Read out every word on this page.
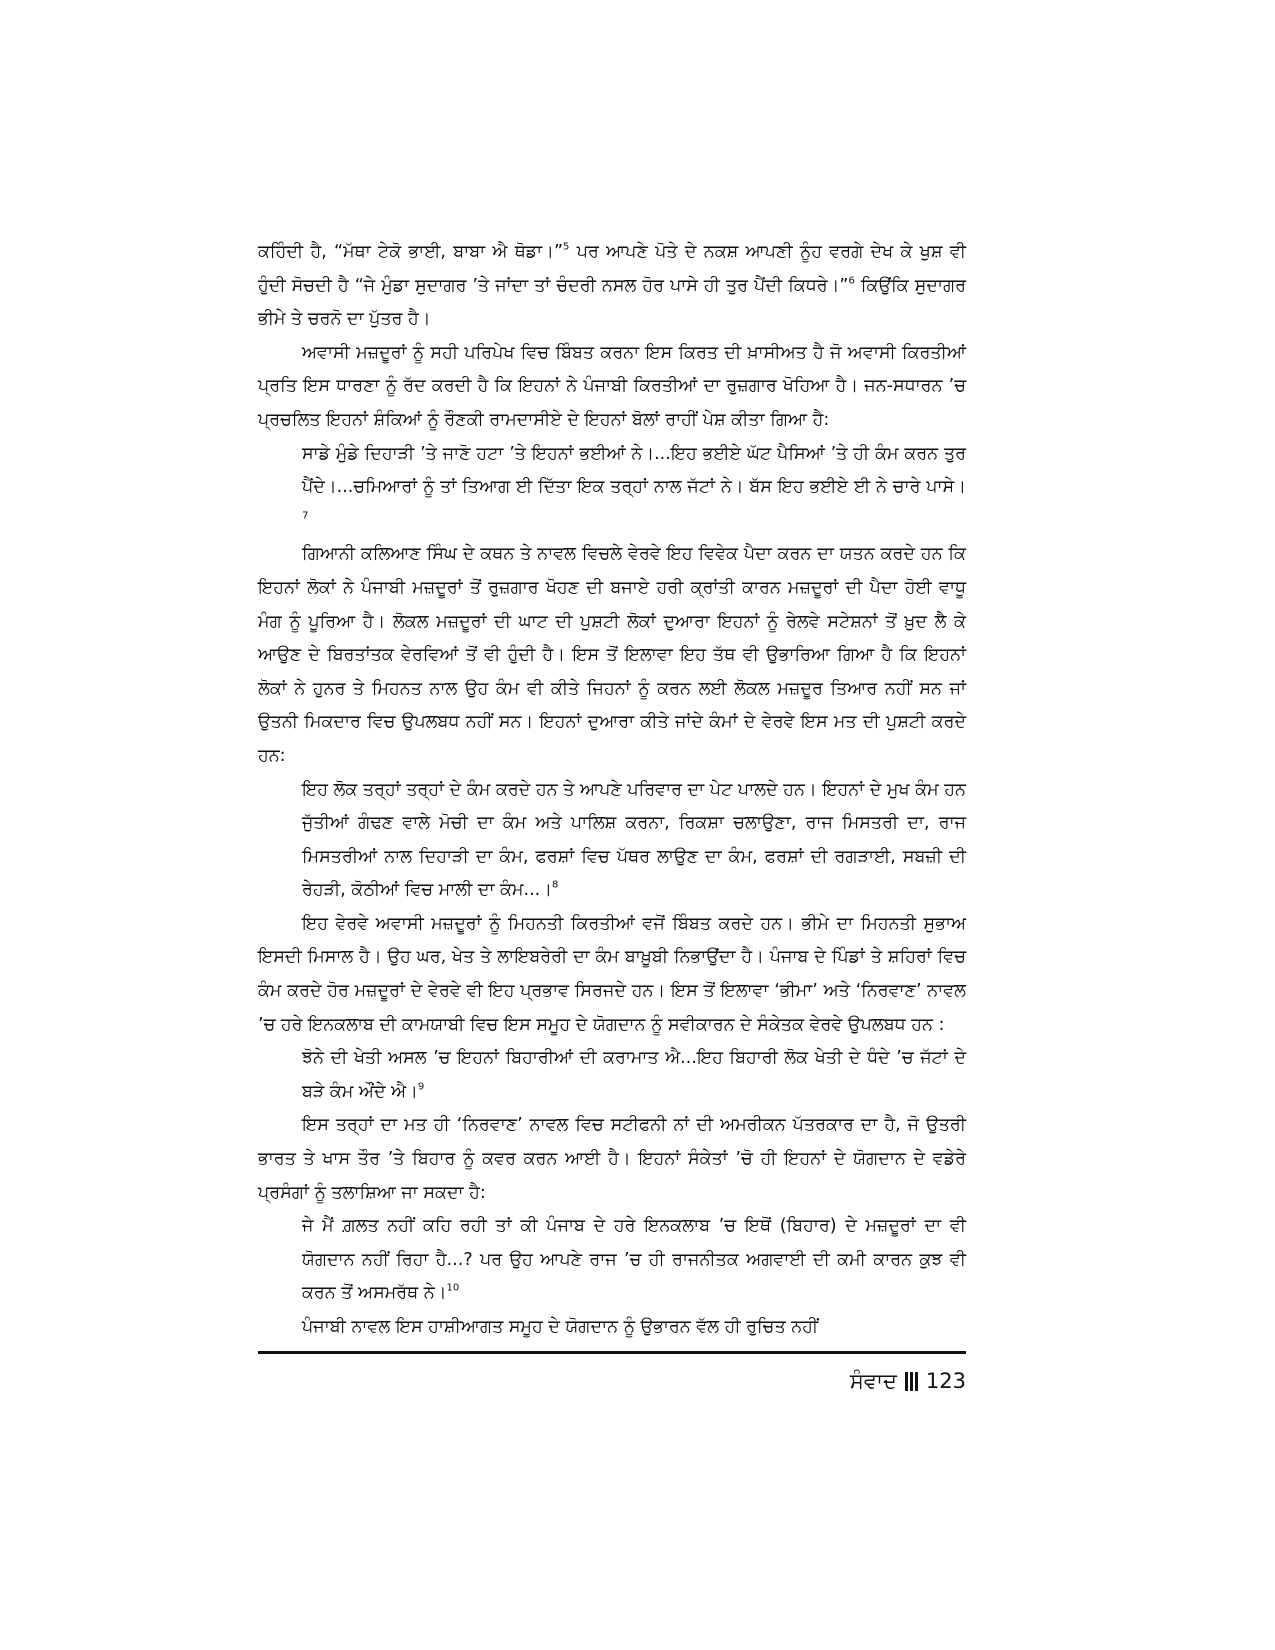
ਕਹਿੰਦੀ ਹੈ, “ਮੱਥਾ ਟੇਕੋ ਭਾਈ, ਬਾਬਾ ਐ ਥੋਡਾ।”$^5$ ਪਰ ਆਪਣੇ ਪੋਤੇ ਦੇ ਨਕਸ਼ ਆਪਣੀ ਨੂੰਹ ਵਰਗੇ ਦੇਖ ਕੇ ਖੁਸ਼ ਵੀ ਹੁੰਦੀ ਸੋਚਦੀ ਹੈ “ਜੇ ਮੁੰਡਾ ਸੁਦਾਗਰ ’ਤੇ ਜਾਂਦਾ ਤਾਂ ਚੰਦਰੀ ਨਸਲ ਹੋਰ ਪਾਸੇ ਹੀ ਤੁਰ ਪੈਂਦੀ ਕਿਧਰੇ।”$^6$ ਕਿਉਂਕਿ ਸੁਦਾਗਰ ਭੀਮੇ ਤੇ ਚਰਨੋ ਦਾ ਪੁੱਤਰ ਹੈ।

ਅਵਾਸੀ ਮਜ਼ਦੂਰਾਂ ਨੂੰ ਸਹੀ ਪਰਿਪੇਖ ਵਿਚ ਬਿੰਬਤ ਕਰਨਾ ਇਸ ਕਿਰਤ ਦੀ ਖ਼ਾਸੀਅਤ ਹੈ ਜੋ ਅਵਾਸੀ ਕਿਰਤੀਆਂ ਪ੍ਰਤਿ ਇਸ ਧਾਰਣਾ ਨੂੰ ਰੱਦ ਕਰਦੀ ਹੈ ਕਿ ਇਹਨਾਂ ਨੇ ਪੰਜਾਬੀ ਕਿਰਤੀਆਂ ਦਾ ਰੁਜ਼ਗਾਰ ਖੋਹਿਆ ਹੈ। ਜਨ-ਸਧਾਰਨ ’ਚ ਪ੍ਰਚਲਿਤ ਇਹਨਾਂ ਸ਼ੰਕਿਆਂ ਨੂੰ ਰੌਣਕੀ ਰਾਮਦਾਸੀਏ ਦੇ ਇਹਨਾਂ ਬੋਲਾਂ ਰਾਹੀਂ ਪੇਸ਼ ਕੀਤਾ ਗਿਆ ਹੈ:

ਸਾਡੇ ਮੁੰਡੇ ਦਿਹਾੜੀ ’ਤੇ ਜਾਣੋ ਹਟਾ ’ਤੇ ਇਹਨਾਂ ਭਈਆਂ ਨੇ।...ਇਹ ਭਈਏ ਘੱਟ ਪੈਸਿਆਂ ’ਤੇ ਹੀ ਕੰਮ ਕਰਨ ਤੁਰ ਪੈਂਦੇ।...ਚਮਿਆਰਾਂ ਨੂੰ ਤਾਂ ਤਿਆਗ ਈ ਦਿੱਤਾ ਇਕ ਤਰ੍ਹਾਂ ਨਾਲ ਜੱਟਾਂ ਨੇ। ਬੱਸ ਇਹ ਭਈਏ ਈ ਨੇ ਚਾਰੇ ਪਾਸੇ।$^7$

ਗਿਆਨੀ ਕਲਿਆਣ ਸਿੰਘ ਦੇ ਕਥਨ ਤੇ ਨਾਵਲ ਵਿਚਲੇ ਵੇਰਵੇ ਇਹ ਵਿਵੇਕ ਪੈਦਾ ਕਰਨ ਦਾ ਯਤਨ ਕਰਦੇ ਹਨ ਕਿ ਇਹਨਾਂ ਲੋਕਾਂ ਨੇ ਪੰਜਾਬੀ ਮਜ਼ਦੂਰਾਂ ਤੋਂ ਰੁਜ਼ਗਾਰ ਖੋਹਣ ਦੀ ਬਜਾਏ ਹਰੀ ਕ੍ਰਾਂਤੀ ਕਾਰਨ ਮਜ਼ਦੂਰਾਂ ਦੀ ਪੈਦਾ ਹੋਈ ਵਾਧੂ ਮੰਗ ਨੂੰ ਪੂਰਿਆ ਹੈ। ਲੋਕਲ ਮਜ਼ਦੂਰਾਂ ਦੀ ਘਾਟ ਦੀ ਪੁਸ਼ਟੀ ਲੋਕਾਂ ਦੁਆਰਾ ਇਹਨਾਂ ਨੂੰ ਰੇਲਵੇ ਸਟੇਸ਼ਨਾਂ ਤੋਂ ਖ਼ੁਦ ਲੈ ਕੇ ਆਉਣ ਦੇ ਬਿਰਤਾਂਤਕ ਵੇਰਵਿਆਂ ਤੋਂ ਵੀ ਹੁੰਦੀ ਹੈ। ਇਸ ਤੋਂ ਇਲਾਵਾ ਇਹ ਤੱਥ ਵੀ ਉਭਾਰਿਆ ਗਿਆ ਹੈ ਕਿ ਇਹਨਾਂ ਲੋਕਾਂ ਨੇ ਹੁਨਰ ਤੇ ਮਿਹਨਤ ਨਾਲ ਉਹ ਕੰਮ ਵੀ ਕੀਤੇ ਜਿਹਨਾਂ ਨੂੰ ਕਰਨ ਲਈ ਲੋਕਲ ਮਜ਼ਦੂਰ ਤਿਆਰ ਨਹੀਂ ਸਨ ਜਾਂ ਉਤਨੀ ਮਿਕਦਾਰ ਵਿਚ ਉਪਲਬਧ ਨਹੀਂ ਸਨ। ਇਹਨਾਂ ਦੁਆਰਾ ਕੀਤੇ ਜਾਂਦੇ ਕੰਮਾਂ ਦੇ ਵੇਰਵੇ ਇਸ ਮਤ ਦੀ ਪੁਸ਼ਟੀ ਕਰਦੇ ਹਨ:

ਇਹ ਲੋਕ ਤਰ੍ਹਾਂ ਤਰ੍ਹਾਂ ਦੇ ਕੰਮ ਕਰਦੇ ਹਨ ਤੇ ਆਪਣੇ ਪਰਿਵਾਰ ਦਾ ਪੇਟ ਪਾਲਦੇ ਹਨ। ਇਹਨਾਂ ਦੇ ਮੁਖ ਕੰਮ ਹਨ ਜੁੱਤੀਆਂ ਗੰਢਣ ਵਾਲੇ ਮੋਚੀ ਦਾ ਕੰਮ ਅਤੇ ਪਾਲਿਸ਼ ਕਰਨਾ, ਰਿਕਸ਼ਾ ਚਲਾਉਣਾ, ਰਾਜ ਮਿਸਤਰੀ ਦਾ, ਰਾਜ ਮਿਸਤਰੀਆਂ ਨਾਲ ਦਿਹਾੜੀ ਦਾ ਕੰਮ, ਫਰਸ਼ਾਂ ਵਿਚ ਪੱਥਰ ਲਾਉਣ ਦਾ ਕੰਮ, ਫਰਸ਼ਾਂ ਦੀ ਰਗੜਾਈ, ਸਬਜ਼ੀ ਦੀ ਰੇਹੜੀ, ਕੋਠੀਆਂ ਵਿਚ ਮਾਲੀ ਦਾ ਕੰਮ...।$^8$

ਇਹ ਵੇਰਵੇ ਅਵਾਸੀ ਮਜ਼ਦੂਰਾਂ ਨੂੰ ਮਿਹਨਤੀ ਕਿਰਤੀਆਂ ਵਜੋਂ ਬਿੰਬਤ ਕਰਦੇ ਹਨ। ਭੀਮੇ ਦਾ ਮਿਹਨਤੀ ਸੁਭਾਅ ਇਸਦੀ ਮਿਸਾਲ ਹੈ। ਉਹ ਘਰ, ਖੇਤ ਤੇ ਲਾਇਬਰੇਰੀ ਦਾ ਕੰਮ ਬਾਖ਼ੂਬੀ ਨਿਭਾਉਂਦਾ ਹੈ। ਪੰਜਾਬ ਦੇ ਪਿੰਡਾਂ ਤੇ ਸ਼ਹਿਰਾਂ ਵਿਚ ਕੰਮ ਕਰਦੇ ਹੋਰ ਮਜ਼ਦੂਰਾਂ ਦੇ ਵੇਰਵੇ ਵੀ ਇਹ ਪ੍ਰਭਾਵ ਸਿਰਜਦੇ ਹਨ। ਇਸ ਤੋਂ ਇਲਾਵਾ ‘ਭੀਮਾ’ ਅਤੇ ‘ਨਿਰਵਾਣ’ ਨਾਵਲ ’ਚ ਹਰੇ ਇਨਕਲਾਬ ਦੀ ਕਾਮਯਾਬੀ ਵਿਚ ਇਸ ਸਮੂਹ ਦੇ ਯੋਗਦਾਨ ਨੂੰ ਸਵੀਕਾਰਨ ਦੇ ਸੰਕੇਤਕ ਵੇਰਵੇ ਉਪਲਬਧ ਹਨ :

ਝੋਨੇ ਦੀ ਖੇਤੀ ਅਸਲ ’ਚ ਇਹਨਾਂ ਬਿਹਾਰੀਆਂ ਦੀ ਕਰਾਮਾਤ ਐ...ਇਹ ਬਿਹਾਰੀ ਲੋਕ ਖੇਤੀ ਦੇ ਧੰਦੇ ’ਚ ਜੱਟਾਂ ਦੇ ਬੜੇ ਕੰਮ ਔਂਦੇ ਐ।$^9$

ਇਸ ਤਰ੍ਹਾਂ ਦਾ ਮਤ ਹੀ ‘ਨਿਰਵਾਣ’ ਨਾਵਲ ਵਿਚ ਸਟੀਫਨੀ ਨਾਂ ਦੀ ਅਮਰੀਕਨ ਪੱਤਰਕਾਰ ਦਾ ਹੈ, ਜੋ ਉਤਰੀ ਭਾਰਤ ਤੇ ਖਾਸ ਤੌਰ ’ਤੇ ਬਿਹਾਰ ਨੂੰ ਕਵਰ ਕਰਨ ਆਈ ਹੈ। ਇਹਨਾਂ ਸੰਕੇਤਾਂ ’ਚੋ ਹੀ ਇਹਨਾਂ ਦੇ ਯੋਗਦਾਨ ਦੇ ਵਡੇਰੇ ਪ੍ਰਸੰਗਾਂ ਨੂੰ ਤਲਾਸ਼ਿਆ ਜਾ ਸਕਦਾ ਹੈ:

ਜੇ ਮੈਂ ਗ਼ਲਤ ਨਹੀਂ ਕਹਿ ਰਹੀ ਤਾਂ ਕੀ ਪੰਜਾਬ ਦੇ ਹਰੇ ਇਨਕਲਾਬ ’ਚ ਇਥੋਂ (ਬਿਹਾਰ) ਦੇ ਮਜ਼ਦੂਰਾਂ ਦਾ ਵੀ ਯੋਗਦਾਨ ਨਹੀਂ ਰਿਹਾ ਹੈ...? ਪਰ ਉਹ ਆਪਣੇ ਰਾਜ ’ਚ ਹੀ ਰਾਜਨੀਤਕ ਅਗਵਾਈ ਦੀ ਕਮੀ ਕਾਰਨ ਕੁਝ ਵੀ ਕਰਨ ਤੋਂ ਅਸਮਰੱਥ ਨੇ।$^{10}$

ਪੰਜਾਬੀ ਨਾਵਲ ਇਸ ਹਾਸ਼ੀਆਗਤ ਸਮੂਹ ਦੇ ਯੋਗਦਾਨ ਨੂੰ ਉਭਾਰਨ ਵੱਲ ਹੀ ਰੁਚਿਤ ਨਹੀਂ

ਸੰਵਾਦ 123
